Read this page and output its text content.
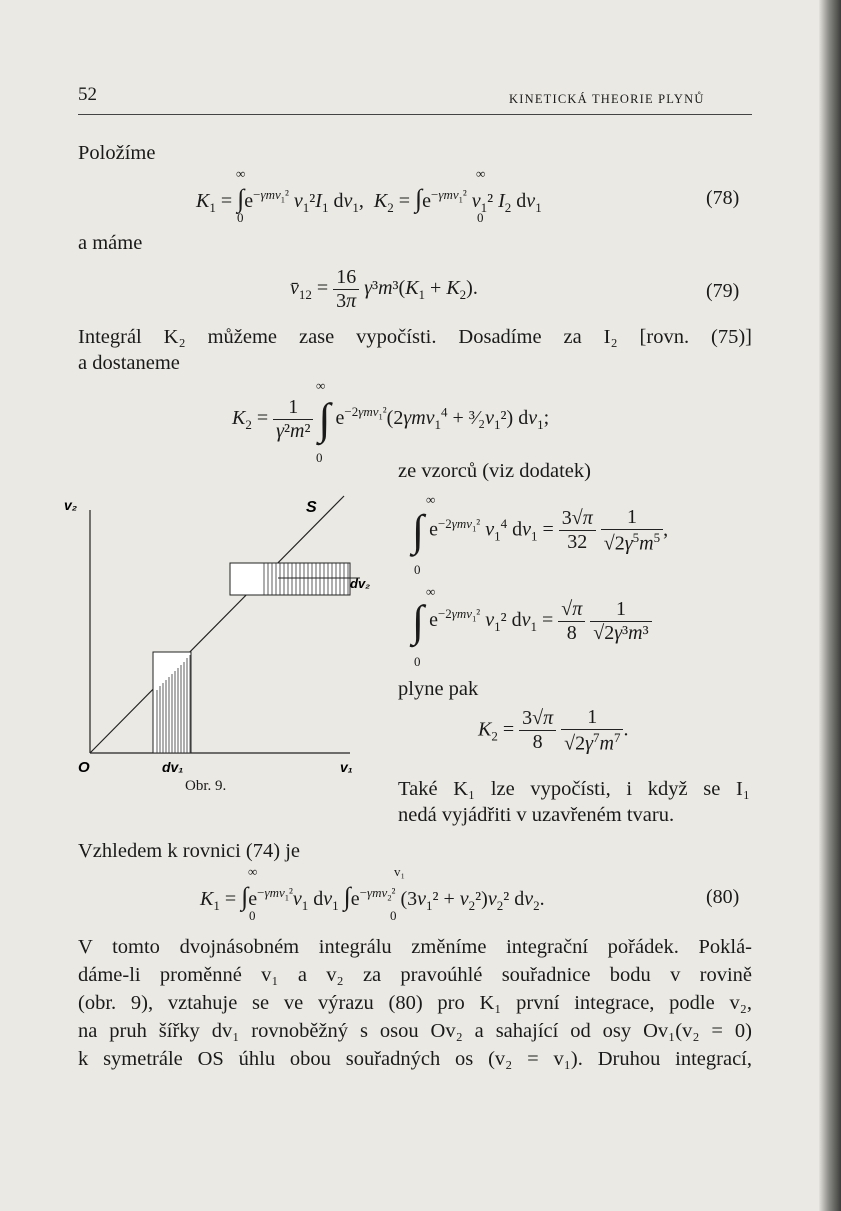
52	KINETICKÁ THEORIE PLYNŮ
Položíme
∞
0
∞
0
$K_1 = \int e^{-\gamma mv_1^2}$ $v_1^2I_1$ $dv_1$,  $K_2 = \int e^{-\gamma mv_1^2}$ $v_1^2$ $I_2$ $dv_1$	(78)
a máme
$v̄_{12} = \frac{16}{3\pi} \gamma^3m^3(K_1 + K_2)$.	(79)
Integrál K₂ můžeme zase vypočísti. Dosadíme za I₂ [rovn. (75)]
a dostaneme
∞
0
$K_2 = \frac{1}{\text{γ²m²}}$ ∫ $e^{-2\gamma mv_1^2}(2\gamma mv_1^4$ + $^3⁄_2v_1^2$) $dv_1$;
ze vzorců (viz dodatek)
∞
0
∫ $e^{-2\gamma mv_1^2}$ $v_1^4$ $dv_1 = \frac{3√\pi}{32}$
$\frac{1}{√2\gamma^5m^5}$ ,
∞
0
∫ $e^{-2\gamma mv_1^2}$ $v_1^2$ $dv_1 = \frac{√\pi}{8}$
$\frac{1}{\text{√2γ³m³}}$
plyne pak
$K_2 = \frac{3√\pi}{8}$
$\frac{1}{√2\gamma^7m^7}$ .
Také K₁ lze vypočísti, i když se I₁
nedá vyjádřiti v uzavřeném tvaru.
v₂	S
dv₂
O	dv₁	v₁
Obr. 9.
Vzhledem k rovnici (74) je
∞
0
v₁
0
$K_1 = \int e^{-\gamma mv_1^2}v_1$ $dv_1$ $\int e^{-\gamma mv_2^2}$ $(3v_1^2 + v_2^2)v_2^2$ $dv_2$.	(80)
V tomto dvojnásobném integrálu změníme integrační pořádek. Poklá-
dáme-li proměnné v₁ a v₂ za pravoúhlé souřadnice bodu v rovině
(obr. 9), vztahuje se ve výrazu (80) pro K₁ první integrace, podle v₂,
na pruh šířky dv₁ rovnoběžný s osou Ov₂ a sahající od osy Ov₁(v₂ = 0)
k symetrále OS úhlu obou souřadných os (v₂ = v₁). Druhou integrací,
